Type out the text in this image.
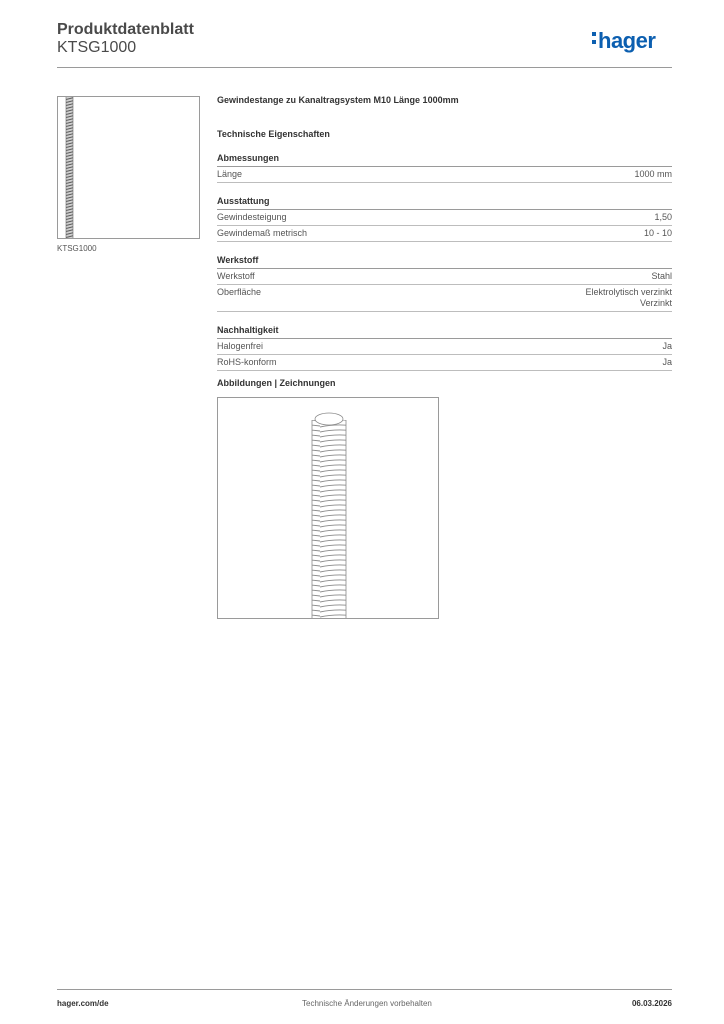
Produktdatenblatt
KTSG1000	hager
KTSG1000
Gewindestange zu Kanaltragsystem M10 Länge 1000mm
Technische Eigenschaften
Abmessungen
Länge	1000 mm
Ausstattung
Gewindesteigung	1,50
Gewindemaß metrisch	10 - 10
Werkstoff
Werkstoff	Stahl
Oberfläche	Elektrolytisch verzinkt
Verzinkt
Nachhaltigkeit
Halogenfrei	Ja
RoHS-konform	Ja
Abbildungen | Zeichnungen
hager.com/de	Technische Änderungen vorbehalten	06.03.2026
